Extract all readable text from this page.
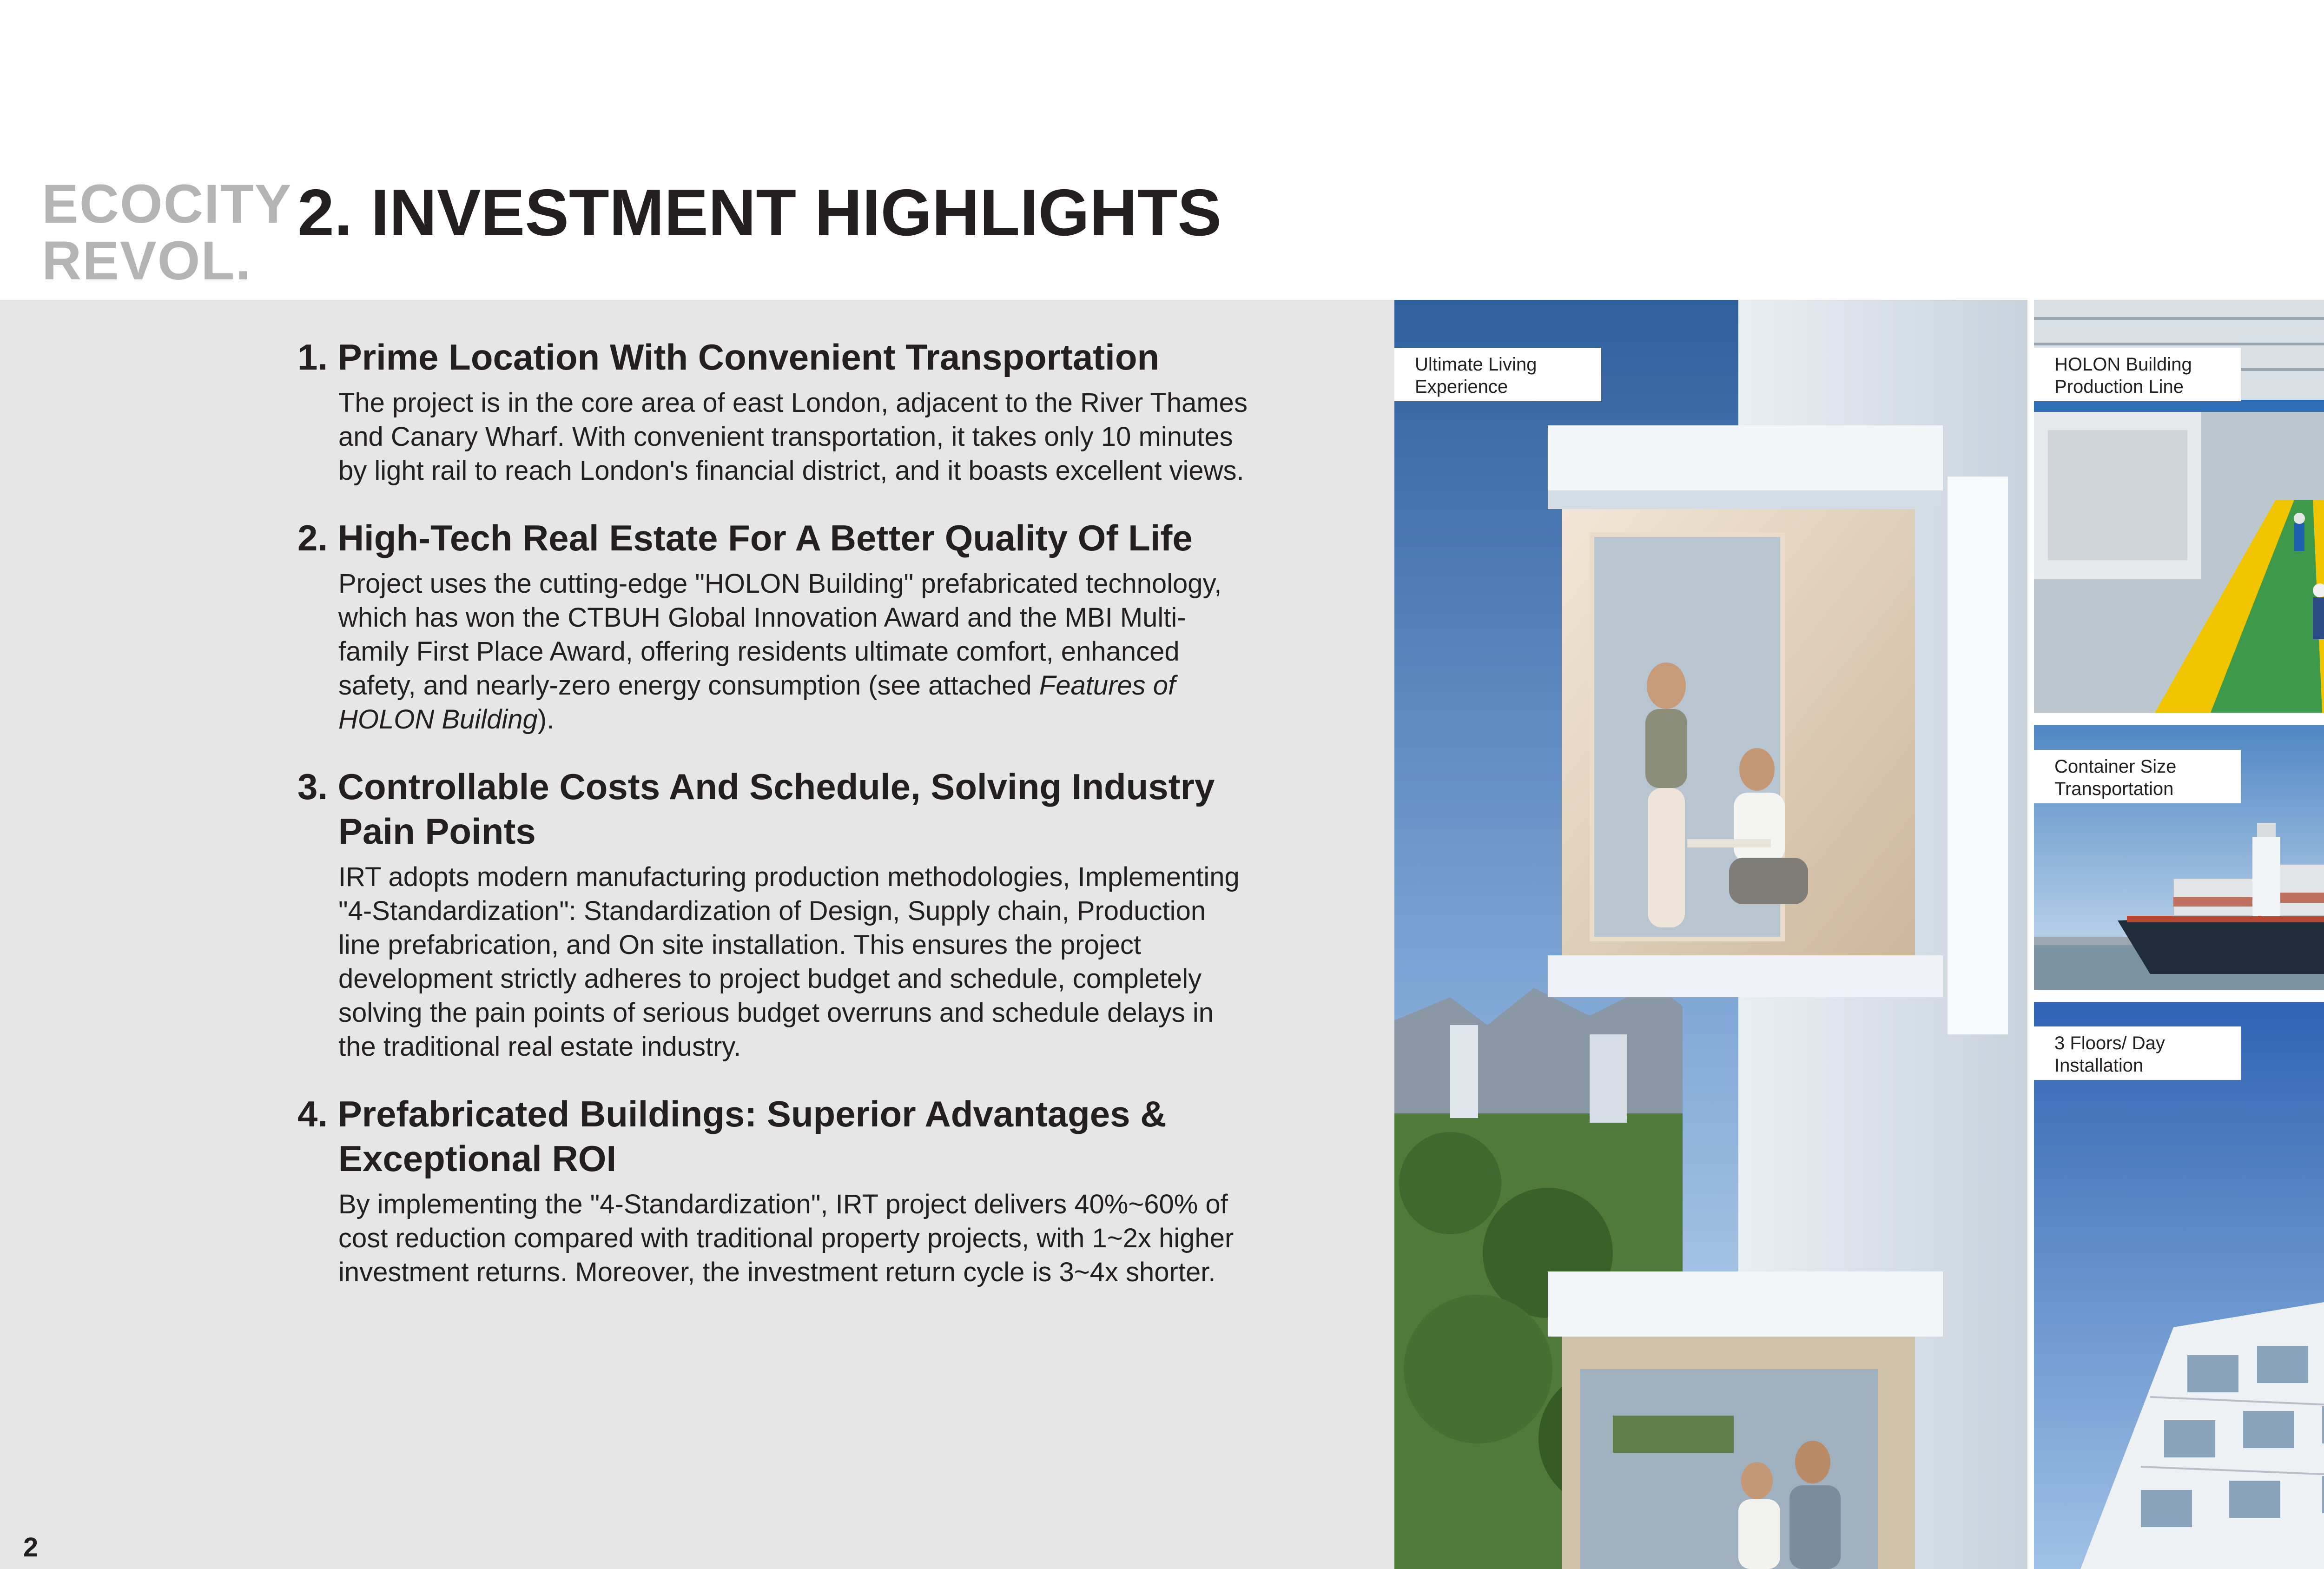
ECOCITY
REVOL.
2. INVESTMENT HIGHLIGHTS
1. Prime Location With Convenient Transportation

The project is in the core area of east London, adjacent to the River Thames and Canary Wharf. With convenient transportation, it takes only 10 minutes by light rail to reach London's financial district, and it boasts excellent views.

2. High-Tech Real Estate For A Better Quality Of Life

Project uses the cutting-edge "HOLON Building" prefabricated technology, which has won the CTBUH Global Innovation Award and the MBI Multi-family First Place Award, offering residents ultimate comfort, enhanced safety, and nearly-zero energy consumption (see attached Features of HOLON Building).

3. Controllable Costs And Schedule, Solving Industry Pain Points

IRT adopts modern manufacturing production methodologies, Implementing "4-Standardization": Standardization of Design, Supply chain, Production line prefabrication, and On site installation. This ensures the project development strictly adheres to project budget and schedule, completely solving the pain points of serious budget overruns and schedule delays in the traditional real estate industry.

4. Prefabricated Buildings: Superior Advantages & Exceptional ROI

By implementing the "4-Standardization", IRT project delivers 40%~60% of cost reduction compared with traditional property projects, with 1~2x higher investment returns. Moreover, the investment return cycle is 3~4x shorter.

2
Ultimate Living Experience
HOLON Building Production Line
Container Size Transportation
3 Floors/ Day Installation
